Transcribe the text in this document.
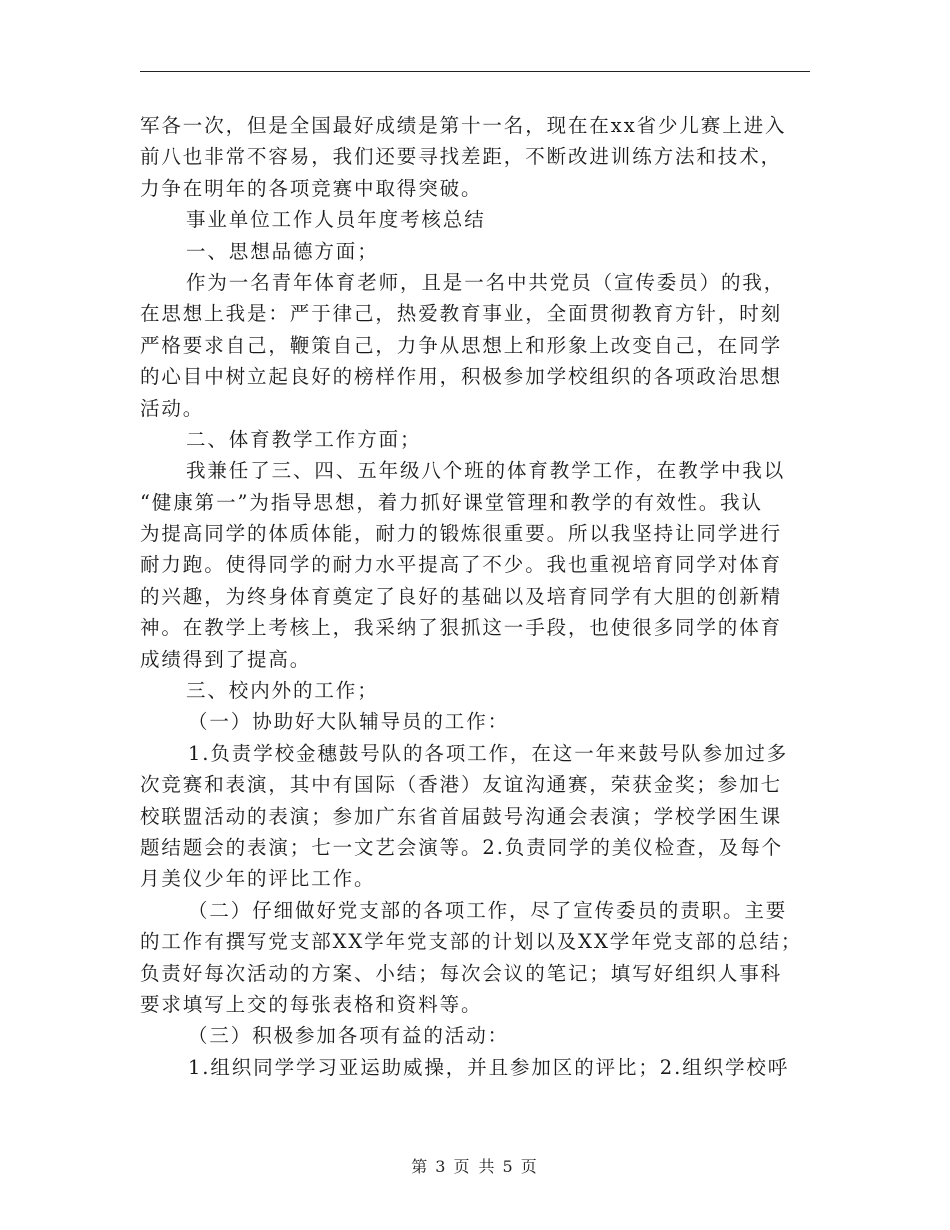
军各一次，但是全国最好成绩是第十一名，现在在xx省少儿赛上进入
前八也非常不容易，我们还要寻找差距，不断改进训练方法和技术，
力争在明年的各项竞赛中取得突破。
事业单位工作人员年度考核总结
一、思想品德方面；
作为一名青年体育老师，且是一名中共党员（宣传委员）的我，
在思想上我是：严于律己，热爱教育事业，全面贯彻教育方针，时刻
严格要求自己，鞭策自己，力争从思想上和形象上改变自己，在同学
的心目中树立起良好的榜样作用，积极参加学校组织的各项政治思想
活动。
二、体育教学工作方面；
我兼任了三、四、五年级八个班的体育教学工作，在教学中我以
“健康第一”为指导思想，着力抓好课堂管理和教学的有效性。我认
为提高同学的体质体能，耐力的锻炼很重要。所以我坚持让同学进行
耐力跑。使得同学的耐力水平提高了不少。我也重视培育同学对体育
的兴趣，为终身体育奠定了良好的基础以及培育同学有大胆的创新精
神。在教学上考核上，我采纳了狠抓这一手段，也使很多同学的体育
成绩得到了提高。
三、校内外的工作；
（一）协助好大队辅导员的工作：
1.负责学校金穗鼓号队的各项工作，在这一年来鼓号队参加过多
次竞赛和表演，其中有国际（香港）友谊沟通赛，荣获金奖；参加七
校联盟活动的表演；参加广东省首届鼓号沟通会表演；学校学困生课
题结题会的表演；七一文艺会演等。2.负责同学的美仪检查，及每个
月美仪少年的评比工作。
（二）仔细做好党支部的各项工作，尽了宣传委员的责职。主要
的工作有撰写党支部XX学年党支部的计划以及XX学年党支部的总结；
负责好每次活动的方案、小结；每次会议的笔记；填写好组织人事科
要求填写上交的每张表格和资料等。
（三）积极参加各项有益的活动：
1.组织同学学习亚运助威操，并且参加区的评比；2.组织学校呼
第 3 页 共 5 页
